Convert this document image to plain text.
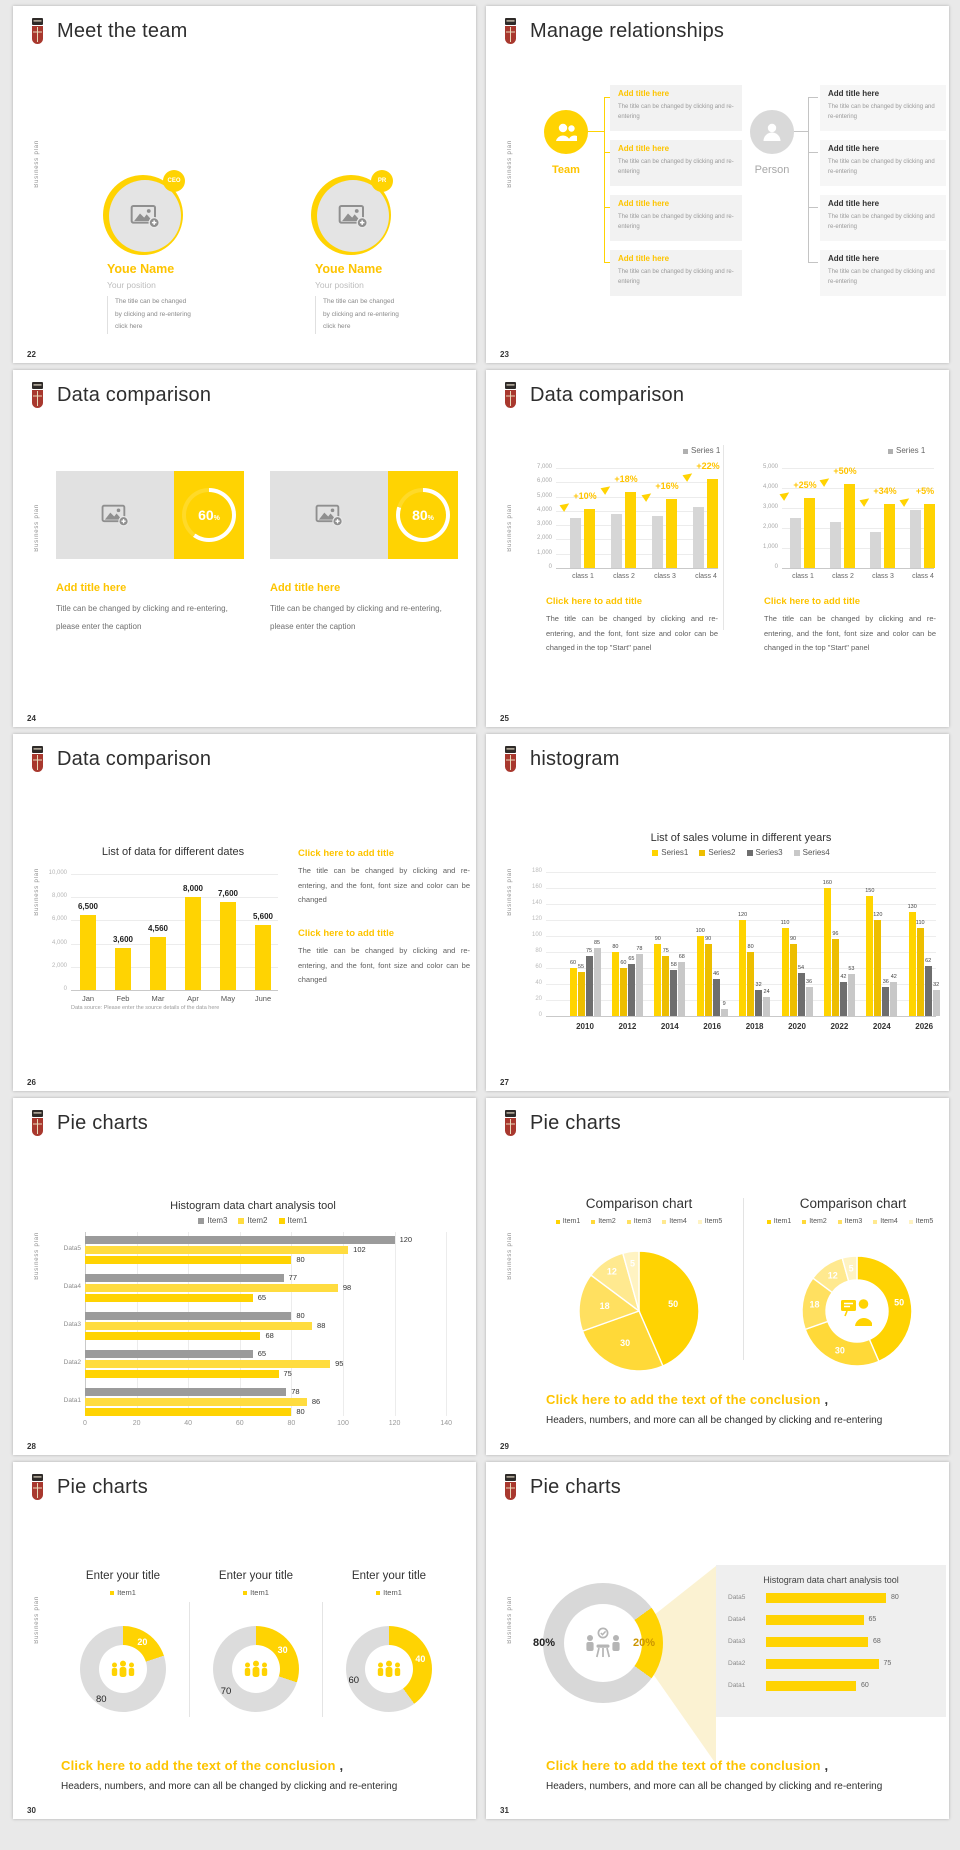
Business plan
Meet the team
CEO
Youe Name
Your position
The title can be changed by clicking and re-entering click here
PR
Youe Name
Your position
The title can be changed by clicking and re-entering click here
22
Business plan
Manage relationships
Team
Add title here
The title can be changed by clicking and re-entering
Add title here
The title can be changed by clicking and re-entering
Add title here
The title can be changed by clicking and re-entering
Add title here
The title can be changed by clicking and re-entering
Person
Add title here
The title can be changed by clicking and re-entering
Add title here
The title can be changed by clicking and re-entering
Add title here
The title can be changed by clicking and re-entering
Add title here
The title can be changed by clicking and re-entering
23
Business plan
Data comparison
60 %
Add title here
Title can be changed by clicking and re-entering, please enter the caption
80 %
Add title here
Title can be changed by clicking and re-entering, please enter the caption
24
Business plan
Data comparison
Series 1
7,000
6,000
5,000
4,000
3,000
2,000
1,000
0
+10%
class 1
+18%
class 2
+16%
class 3
+22%
class 4
Click here to add title
The title can be changed by clicking and re-entering, and the font, font size and color can be changed in the top "Start" panel
Series 1
5,000
4,000
3,000
2,000
1,000
0
+25%
class 1
+50%
class 2
+34%
class 3
+5%
class 4
Click here to add title
The title can be changed by clicking and re-entering, and the font, font size and color can be changed in the top "Start" panel
25
Business plan
Data comparison
List of data for different dates
10,000
8,000
6,000
4,000
2,000
0
6,500
Jan
3,600
Feb
4,560
Mar
8,000
Apr
7,600
May
5,600
June
Data source: Please enter the source details of the data here
Click here to add title
The title can be changed by clicking and re-entering, and the font, font size and color can be changed
Click here to add title
The title can be changed by clicking and re-entering, and the font, font size and color can be changed
26
Business plan
histogram
List of sales volume in different years
Series1	Series2	Series3	Series4
180
160
140
120
100
80
60
40
20
0
60
55
75
85
2010
80
60
65
78
2012
90
75
58
68
2014
100
90
46
9
2016
120
80
32
24
2018
110
90
54
36
2020
160
96
42
53
2022
150
120
36
42
2024
130
110
62
32
2026
27
Business plan
Pie charts
Histogram data chart analysis tool
Item3	Item2	Item1
0	20	40	60	80	100	120	140
Data5
120
102
80
Data4
77
98
65
Data3
80
88
68
Data2
65
95
75
Data1
78
86
80
28
Business plan
Pie charts
Comparison chart	Comparison chart
Item1	Item2	Item3	Item4	Item5	Item1	Item2	Item3	Item4	Item5
50
30
18
12
5
50
30
18
12
5
Click here to add the text of the conclusion ,
Headers, numbers, and more can all be changed by clicking and re-entering
29
Business plan
Pie charts
Enter your title
Item1
20
80
Enter your title
Item1
30
70
Enter your title
Item1
40
60
Click here to add the text of the conclusion ,
Headers, numbers, and more can all be changed by clicking and re-entering
30
Business plan
Pie charts
80%	20%
Histogram data chart analysis tool
Data5	80
Data4	65
Data3	68
Data2	75
Data1	60
Click here to add the text of the conclusion ,
Headers, numbers, and more can all be changed by clicking and re-entering
31
